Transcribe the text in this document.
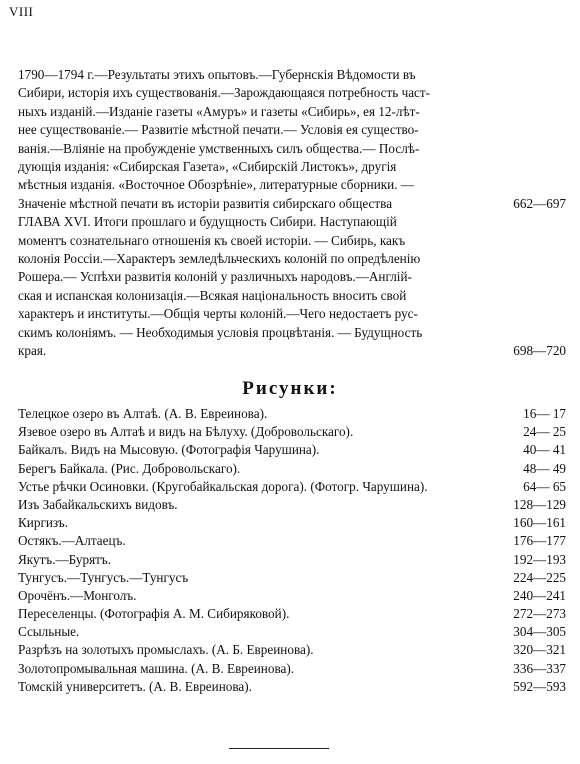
VIII
1790—1794 г.—Результаты этихъ опытовъ.—Губернскія Вѣдомости въ
Сибири, исторія ихъ существованія.—Зарождающаяся потребность част-
ныхъ изданій.—Изданіе газеты «Амуръ» и газеты «Сибирь», ея 12-лѣт-
нее существованіе.— Развитіе мѣстной печати.— Условія ея существо-
ванія.—Вліяніе на пробужденіе умственныхъ силъ общества.— Послѣ-
дующія изданія: «Сибирская Газета», «Сибирскій Листокъ», другія
мѣстныя изданія. «Восточное Обозрѣніе», литературные сборники. —
Значеніе мѣстной печати въ исторіи развитія сибирскаго общества	662—697
ГЛАВА XVI. Итоги прошлаго и будущность Сибири. Наступающій
моментъ сознательнаго отношенія къ своей исторіи. — Сибирь, какъ
колонія Россіи.—Характеръ земледѣльческихъ колоній по опредѣленію
Рошера.— Успѣхи развитія колоній у различныхъ народовъ.—Англій-
ская и испанская колонизація.—Всякая національность вносить свой
характеръ и институты.—Общія черты колоній.—Чего недостаетъ рус-
скимъ колоніямъ. — Необходимыя условія процвѣтанія. — Будущность
края.	698—720
Рисунки:
Телецкое озеро въ Алтаѣ. (А. В. Евреинова).	16— 17
Язевое озеро въ Алтаѣ и видъ на Бѣлуху. (Добровольскаго).	24— 25
Байкалъ. Видъ на Мысовую. (Фотографія Чарушина).	40— 41
Берегъ Байкала. (Рис. Добровольскаго).	48— 49
Устье рѣчки Осиновки. (Кругобайкальская дорога). (Фотогр. Чарушина).	64— 65
Изъ Забайкальскихъ видовъ.	128—129
Киргизъ.	160—161
Остякъ.—Алтаецъ.	176—177
Якутъ.—Бурятъ.	192—193
Тунгусъ.—Тунгусъ.—Тунгусъ	224—225
Орочёнъ.—Монголъ.	240—241
Переселенцы. (Фотографія А. М. Сибиряковой).	272—273
Ссыльные.	304—305
Разрѣзъ на золотыхъ промыслахъ. (А. Б. Евреинова).	320—321
Золотопромывальная машина. (А. В. Евреинова).	336—337
Томскій университетъ. (А. В. Евреинова).	592—593
